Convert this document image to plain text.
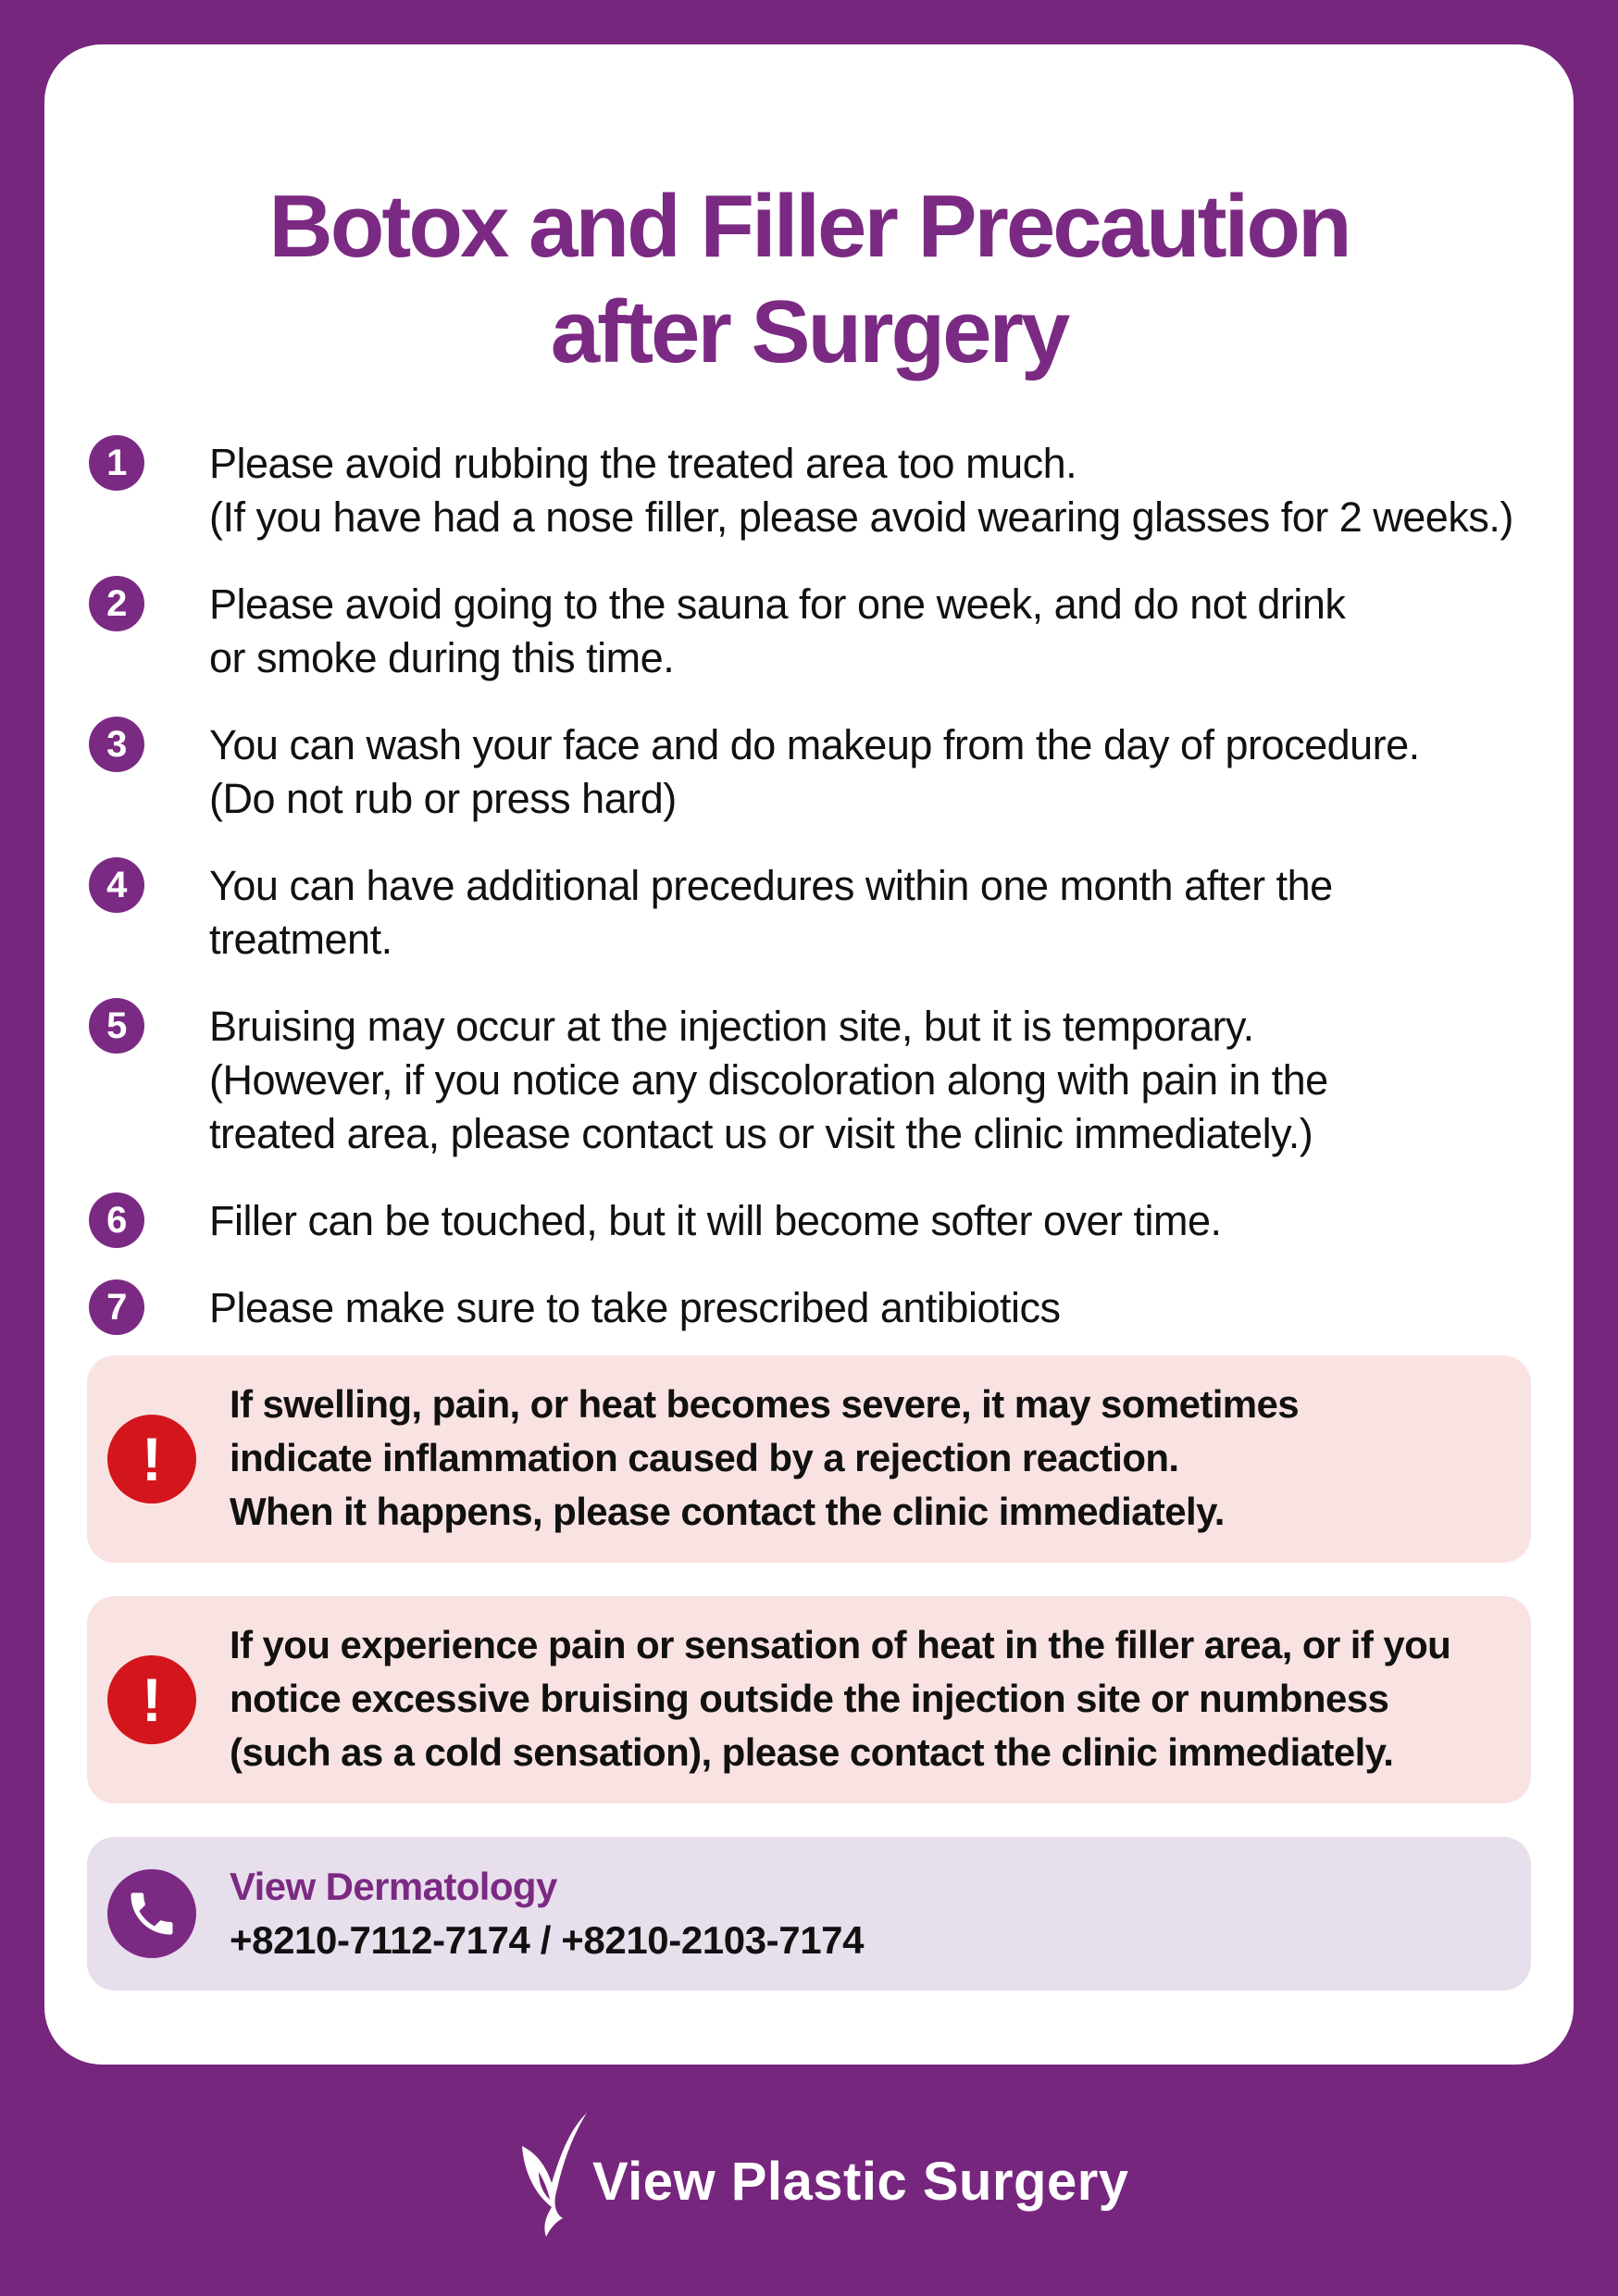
Botox and Filler Precaution
after Surgery
1	Please avoid rubbing the treated area too much.
(If you have had a nose filler, please avoid wearing glasses for 2 weeks.)
2	Please avoid going to the sauna for one week, and do not drink
or smoke during this time.
3	You can wash your face and do makeup from the day of procedure.
(Do not rub or press hard)
4	You can have additional precedures within one month after the
treatment.
5	Bruising may occur at the injection site, but it is temporary.
(However, if you notice any discoloration along with pain in the
treated area, please contact us or visit the clinic immediately.)
6	Filler can be touched, but it will become softer over time.
7	Please make sure to take prescribed antibiotics
!
If swelling, pain, or heat becomes severe, it may sometimes
indicate inflammation caused by a rejection reaction.
When it happens, please contact the clinic immediately.
!
If you experience pain or sensation of heat in the filler area, or if you
notice excessive bruising outside the injection site or numbness
(such as a cold sensation), please contact the clinic immediately.
View Dermatology
+8210-7112-7174 / +8210-2103-7174
View Plastic Surgery
